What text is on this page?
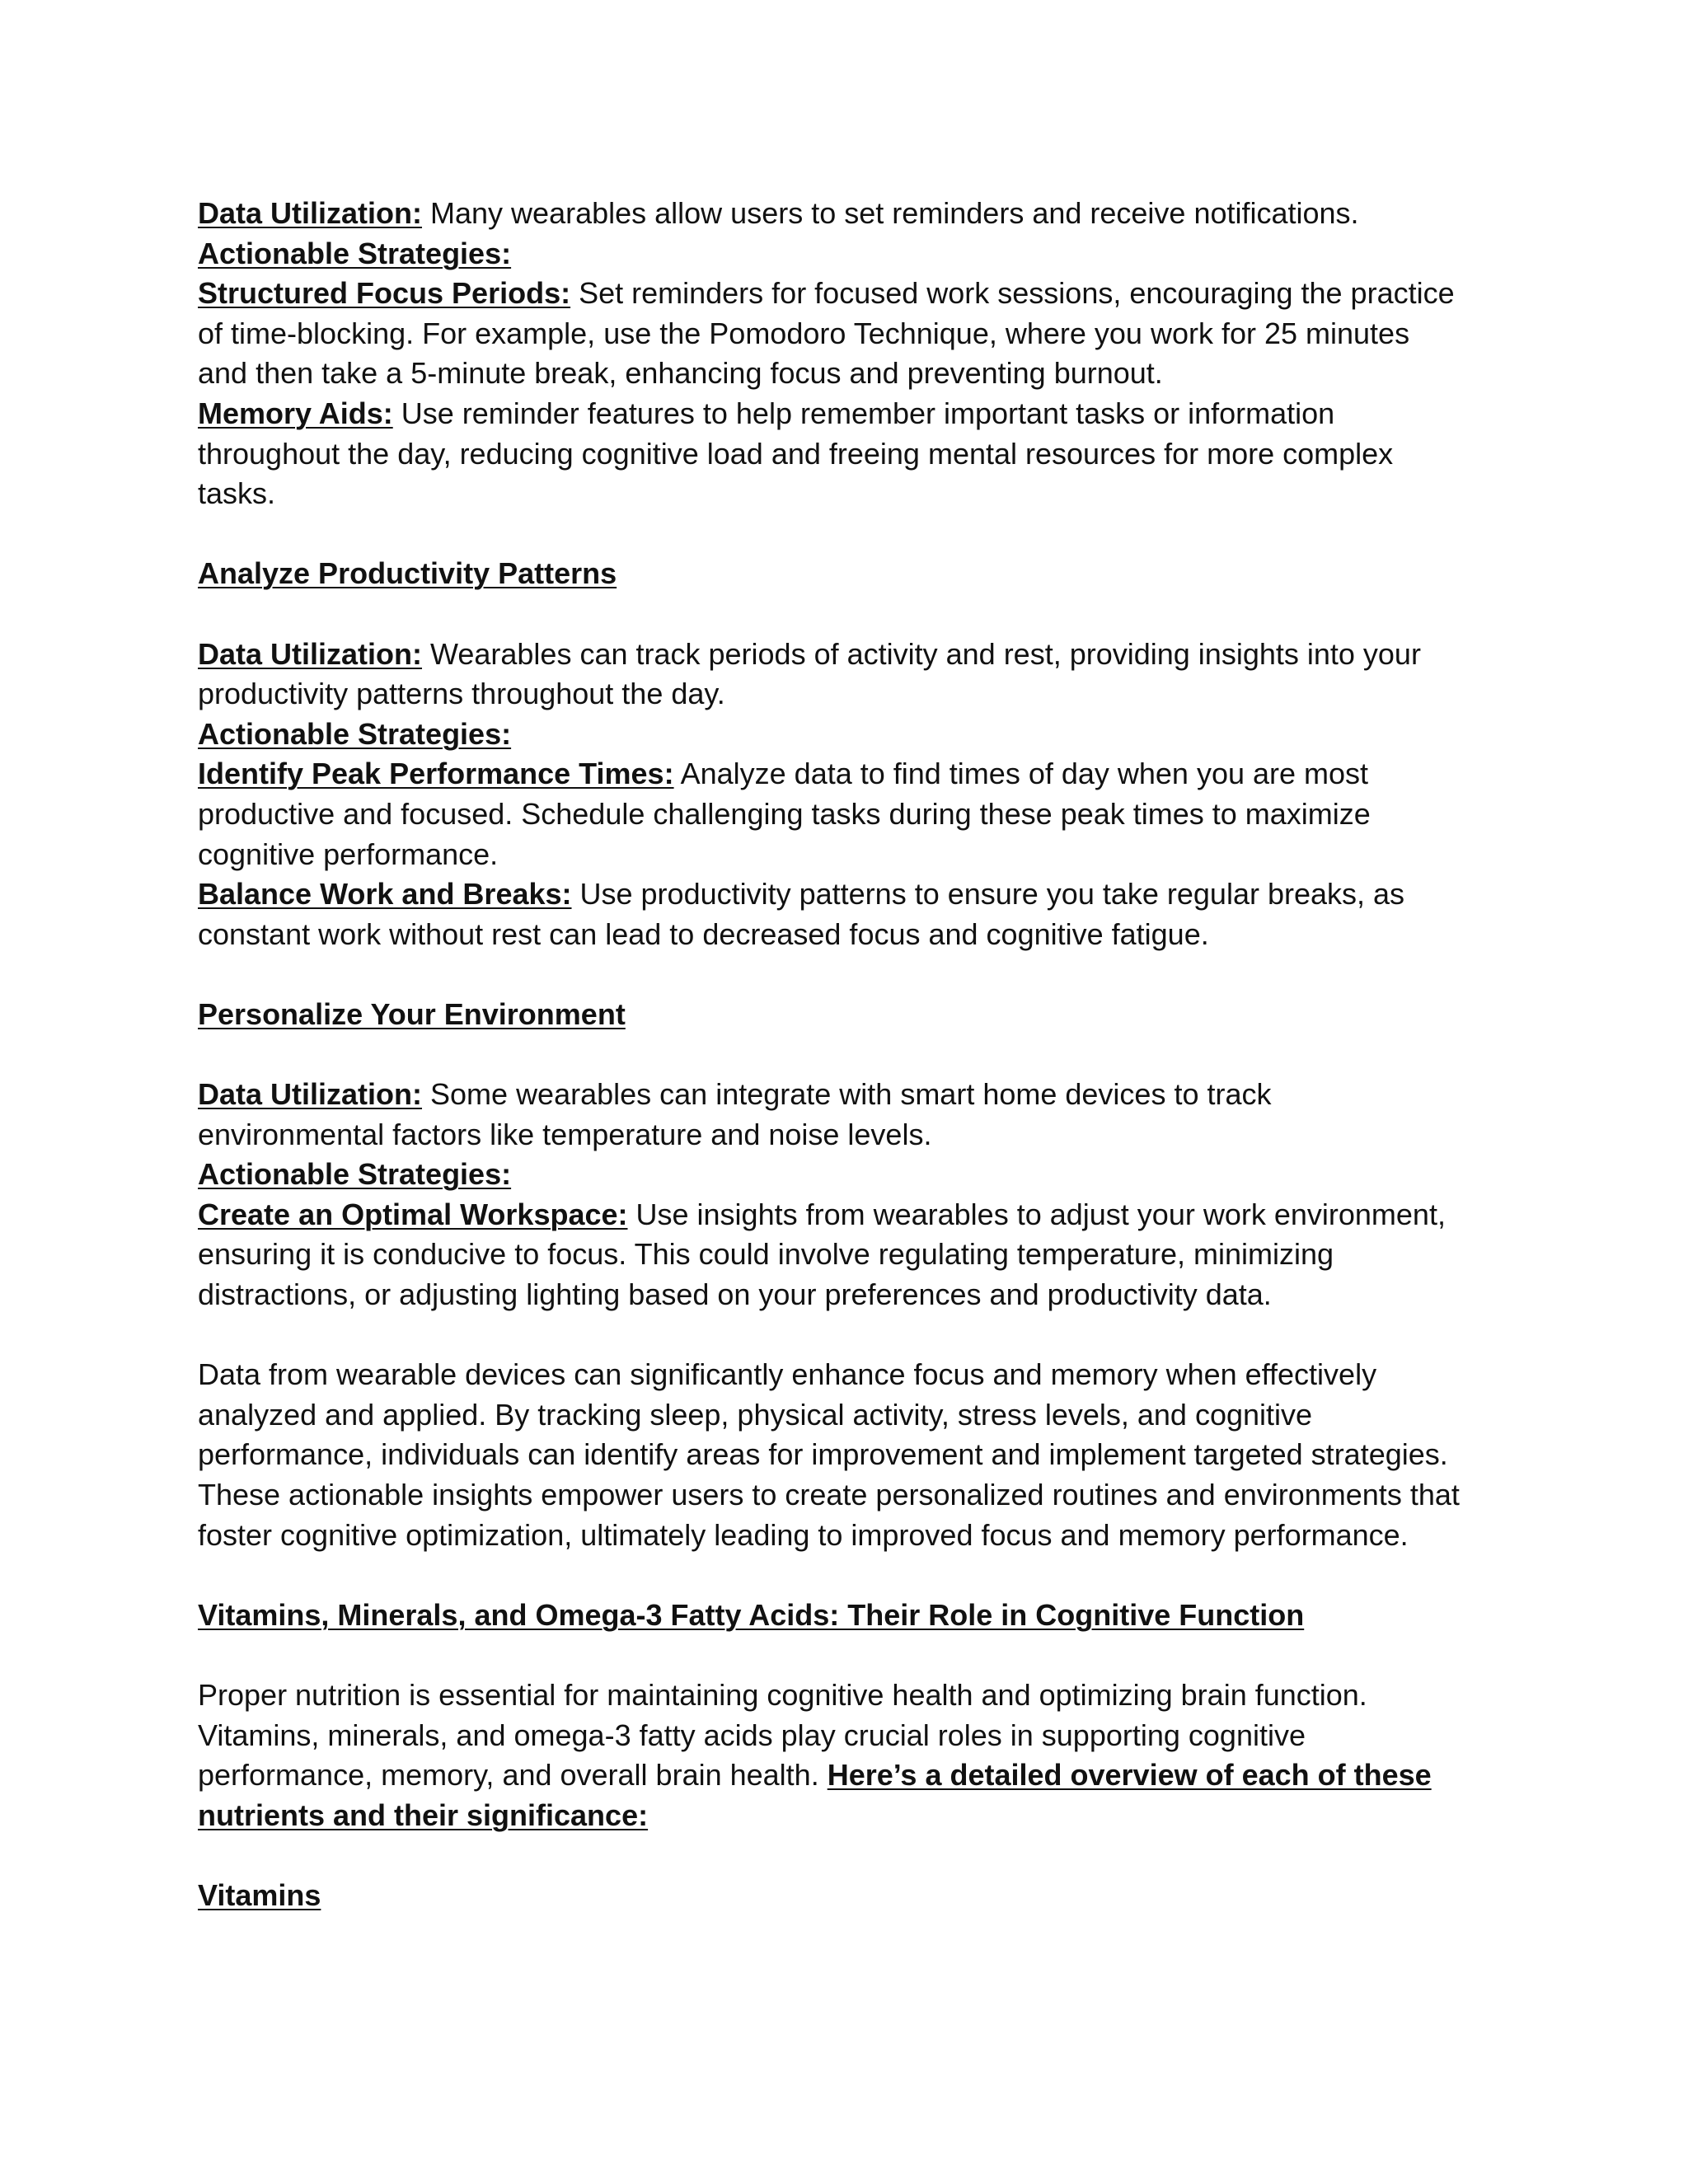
Data Utilization: Many wearables allow users to set reminders and receive notifications.
Actionable Strategies:
Structured Focus Periods: Set reminders for focused work sessions, encouraging the practice
of time-blocking. For example, use the Pomodoro Technique, where you work for 25 minutes
and then take a 5-minute break, enhancing focus and preventing burnout.
Memory Aids: Use reminder features to help remember important tasks or information
throughout the day, reducing cognitive load and freeing mental resources for more complex
tasks.
Analyze Productivity Patterns
Data Utilization: Wearables can track periods of activity and rest, providing insights into your
productivity patterns throughout the day.
Actionable Strategies:
Identify Peak Performance Times: Analyze data to find times of day when you are most
productive and focused. Schedule challenging tasks during these peak times to maximize
cognitive performance.
Balance Work and Breaks: Use productivity patterns to ensure you take regular breaks, as
constant work without rest can lead to decreased focus and cognitive fatigue.
Personalize Your Environment
Data Utilization: Some wearables can integrate with smart home devices to track
environmental factors like temperature and noise levels.
Actionable Strategies:
Create an Optimal Workspace: Use insights from wearables to adjust your work environment,
ensuring it is conducive to focus. This could involve regulating temperature, minimizing
distractions, or adjusting lighting based on your preferences and productivity data.
Data from wearable devices can significantly enhance focus and memory when effectively
analyzed and applied. By tracking sleep, physical activity, stress levels, and cognitive
performance, individuals can identify areas for improvement and implement targeted strategies.
These actionable insights empower users to create personalized routines and environments that
foster cognitive optimization, ultimately leading to improved focus and memory performance.
Vitamins, Minerals, and Omega-3 Fatty Acids: Their Role in Cognitive Function
Proper nutrition is essential for maintaining cognitive health and optimizing brain function.
Vitamins, minerals, and omega-3 fatty acids play crucial roles in supporting cognitive
performance, memory, and overall brain health. Here’s a detailed overview of each of these
nutrients and their significance:
Vitamins
